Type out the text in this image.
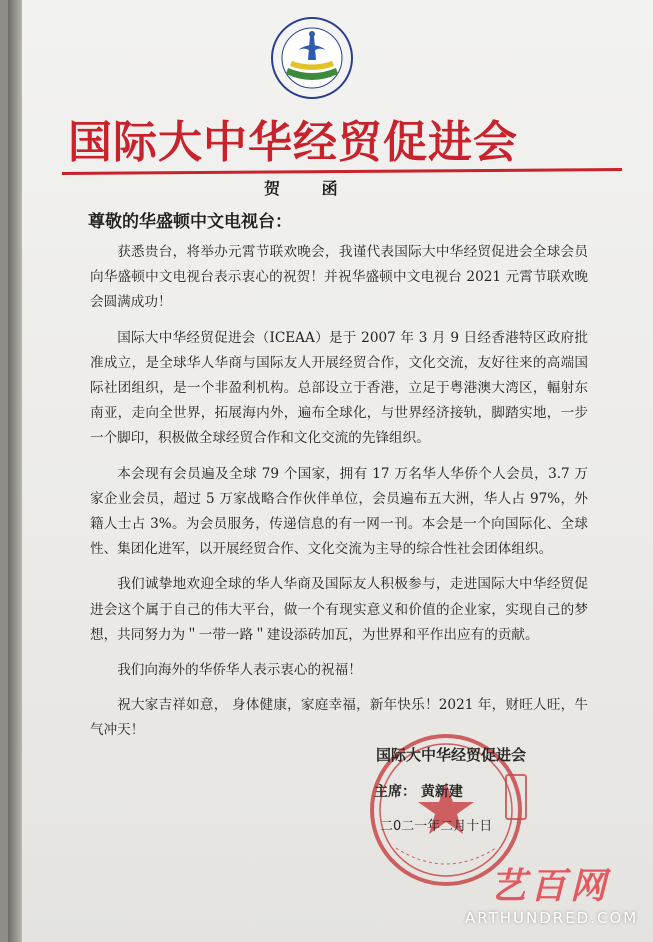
国际大中华经贸促进会
贺 函
尊敬的华盛顿中文电视台：

获悉贵台，将举办元霄节联欢晚会，我谨代表国际大中华经贸促进会全球会员向华盛顿中文电视台表示衷心的祝贺！并祝华盛顿中文电视台 2021 元霄节联欢晚会圆满成功！

国际大中华经贸促进会（ICEAA）是于 2007 年 3 月 9 日经香港特区政府批准成立，是全球华人华商与国际友人开展经贸合作，文化交流，友好往来的高端国际社团组织，是一个非盈利机构。总部设立于香港，立足于粤港澳大湾区，輻射东南亚，走向全世界，拓展海内外，遍布全球化，与世界经济接轨，脚踏实地，一步一个脚印，积极做全球经贸合作和文化交流的先锋组织。

本会现有会员遍及全球 79 个国家，拥有 17 万名华人华侨个人会员，3.7 万家企业会员，超过 5 万家战略合作伙伴单位，会员遍布五大洲，华人占 97%，外籍人士占 3%。为会员服务，传递信息的有一网一刊。本会是一个向国际化、全球性、集团化进军，以开展经贸合作、文化交流为主导的综合性社会团体组织。

我们诚挚地欢迎全球的华人华商及国际友人积极参与，走进国际大中华经贸促进会这个属于自己的伟大平台，做一个有现实意义和价值的企业家，实现自己的梦想，共同努力为＂一带一路＂建设添砖加瓦，为世界和平作出应有的贡献。

我们向海外的华侨华人表示衷心的祝福！

祝大家吉祥如意， 身体健康，家庭幸福，新年快乐！2021 年，财旺人旺，牛气冲天！

国际大中华经贸促进会
主席： 黄新建
二0二一年二月十日
艺百网
ARTHUNDRED.COM
